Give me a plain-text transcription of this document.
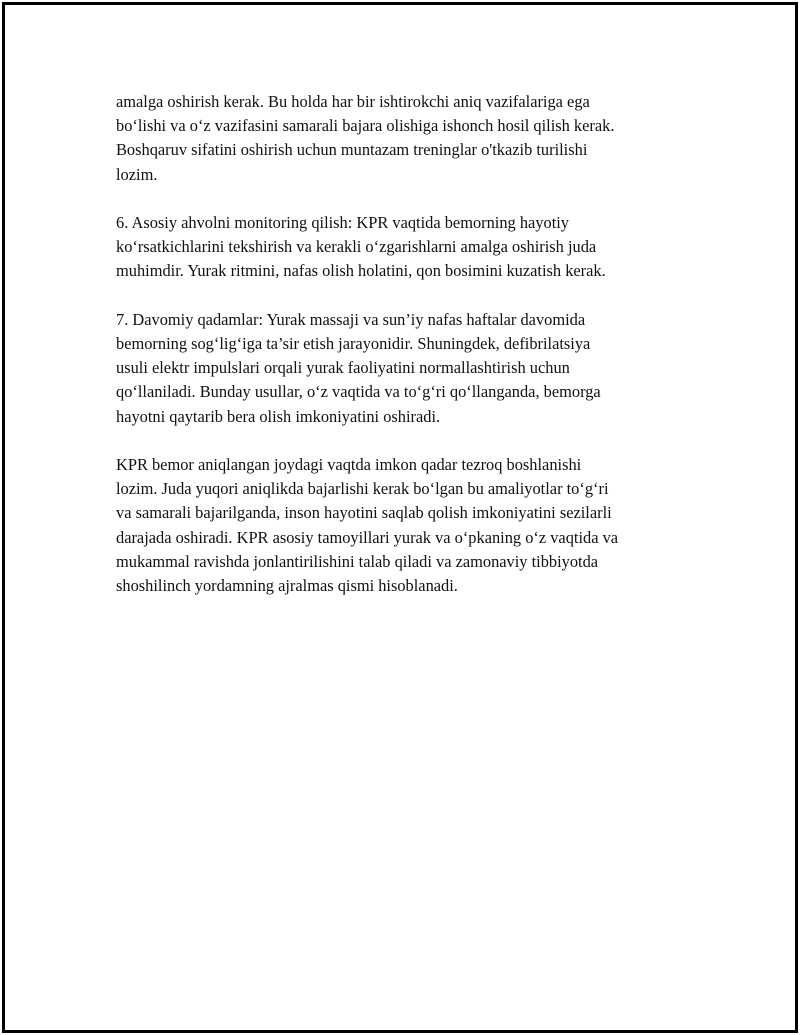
amalga oshirish kerak. Bu holda har bir ishtirokchi aniq vazifalariga ega
bo‘lishi va o‘z vazifasini samarali bajara olishiga ishonch hosil qilish kerak.
Boshqaruv sifatini oshirish uchun muntazam treninglar o'tkazib turilishi
lozim.

6. Asosiy ahvolni monitoring qilish: KPR vaqtida bemorning hayotiy
ko‘rsatkichlarini tekshirish va kerakli o‘zgarishlarni amalga oshirish juda
muhimdir. Yurak ritmini, nafas olish holatini, qon bosimini kuzatish kerak.

7. Davomiy qadamlar: Yurak massaji va sun’iy nafas haftalar davomida
bemorning sog‘lig‘iga ta’sir etish jarayonidir. Shuningdek, defibrilatsiya
usuli elektr impulslari orqali yurak faoliyatini normallashtirish uchun
qo‘llaniladi. Bunday usullar, o‘z vaqtida va to‘g‘ri qo‘llanganda, bemorga
hayotni qaytarib bera olish imkoniyatini oshiradi.

KPR bemor aniqlangan joydagi vaqtda imkon qadar tezroq boshlanishi
lozim. Juda yuqori aniqlikda bajarlishi kerak bo‘lgan bu amaliyotlar to‘g‘ri
va samarali bajarilganda, inson hayotini saqlab qolish imkoniyatini sezilarli
darajada oshiradi. KPR asosiy tamoyillari yurak va o‘pkaning o‘z vaqtida va
mukammal ravishda jonlantirilishini talab qiladi va zamonaviy tibbiyotda
shoshilinch yordamning ajralmas qismi hisoblanadi.
